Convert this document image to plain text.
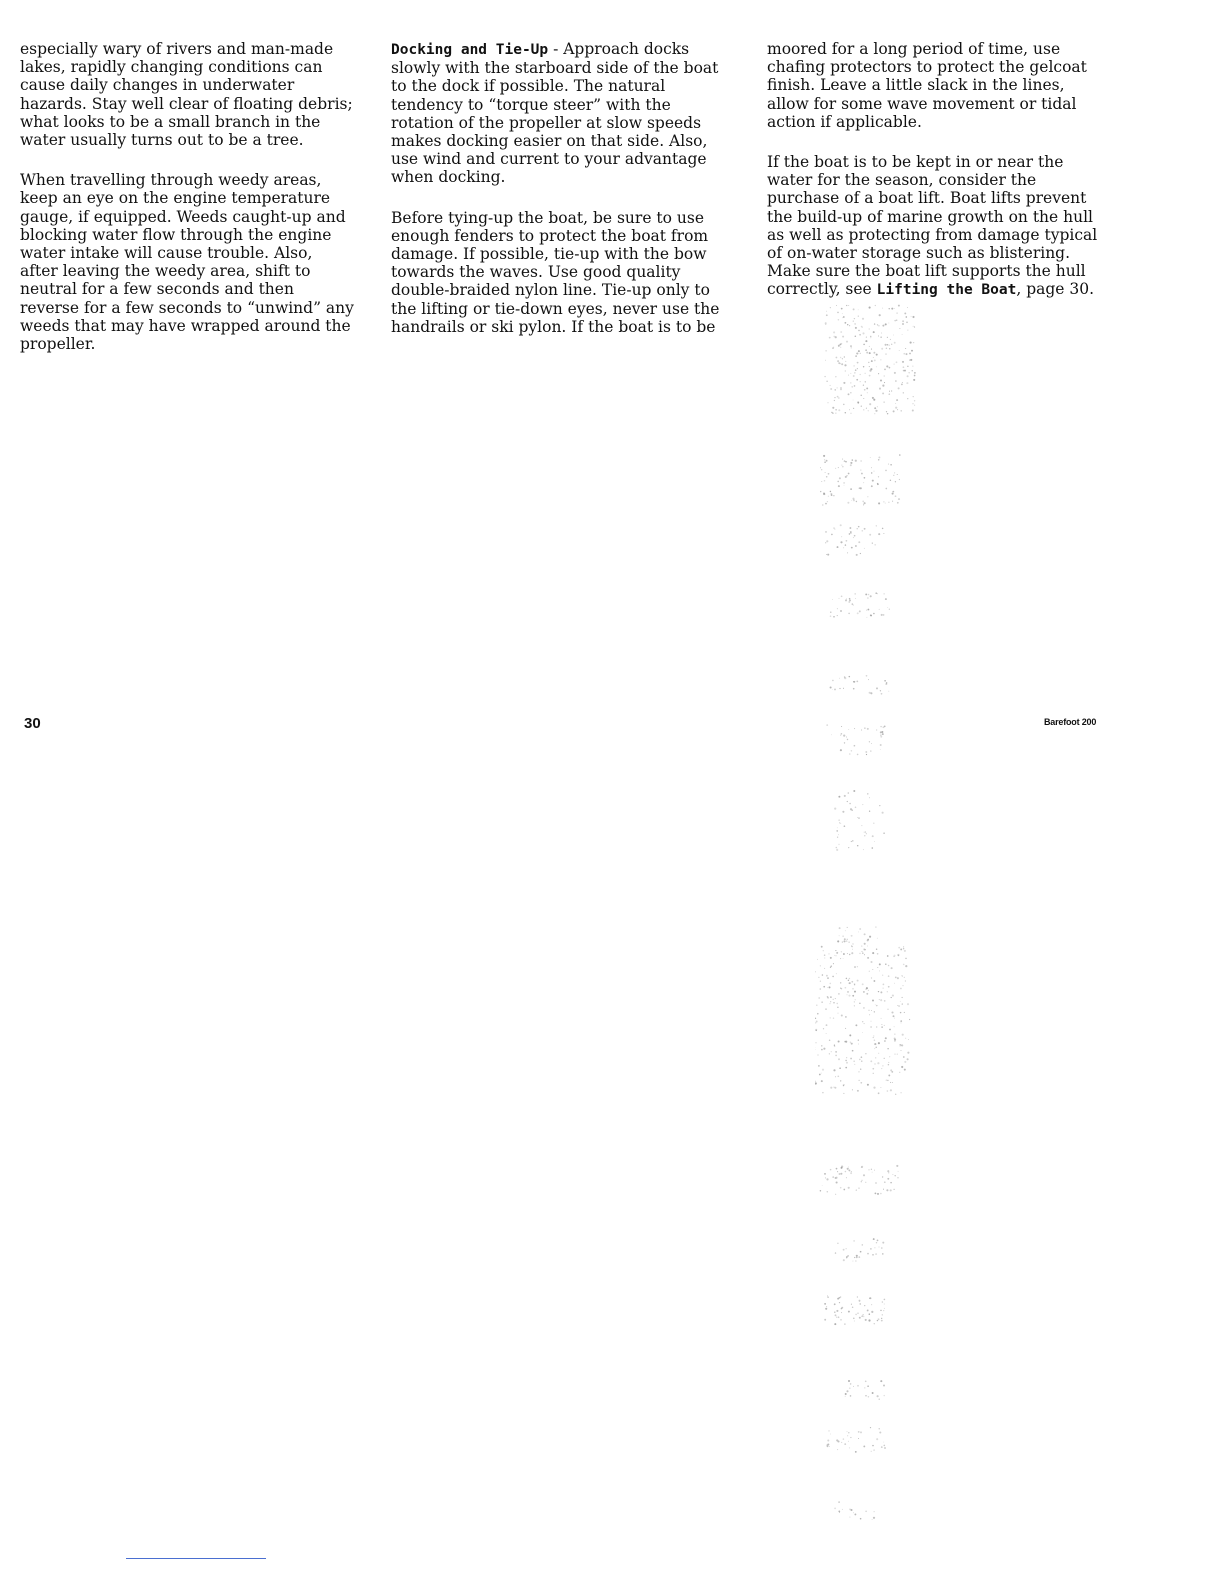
especially wary of rivers and man-made lakes, rapidly changing conditions can cause daily changes in underwater hazards. Stay well clear of floating debris; what looks to be a small branch in the water usually turns out to be a tree.

When travelling through weedy areas, keep an eye on the engine temperature gauge, if equipped. Weeds caught-up and blocking water flow through the engine water intake will cause trouble. Also, after leaving the weedy area, shift to neutral for a few seconds and then reverse for a few seconds to “unwind” any weeds that may have wrapped around the propeller.

Docking and Tie-Up - Approach docks slowly with the starboard side of the boat to the dock if possible. The natural tendency to “torque steer” with the rotation of the propeller at slow speeds makes docking easier on that side. Also, use wind and current to your advantage when docking.

Before tying-up the boat, be sure to use enough fenders to protect the boat from damage. If possible, tie-up with the bow towards the waves. Use good quality double-braided nylon line. Tie-up only to the lifting or tie-down eyes, never use the handrails or ski pylon. If the boat is to be

moored for a long period of time, use chafing protectors to protect the gelcoat finish. Leave a little slack in the lines, allow for some wave movement or tidal action if applicable.

If the boat is to be kept in or near the water for the season, consider the purchase of a boat lift. Boat lifts prevent the build-up of marine growth on the hull as well as protecting from damage typical of on-water storage such as blistering. Make sure the boat lift supports the hull correctly, see Lifting the Boat, page 30.

30	Barefoot 200
